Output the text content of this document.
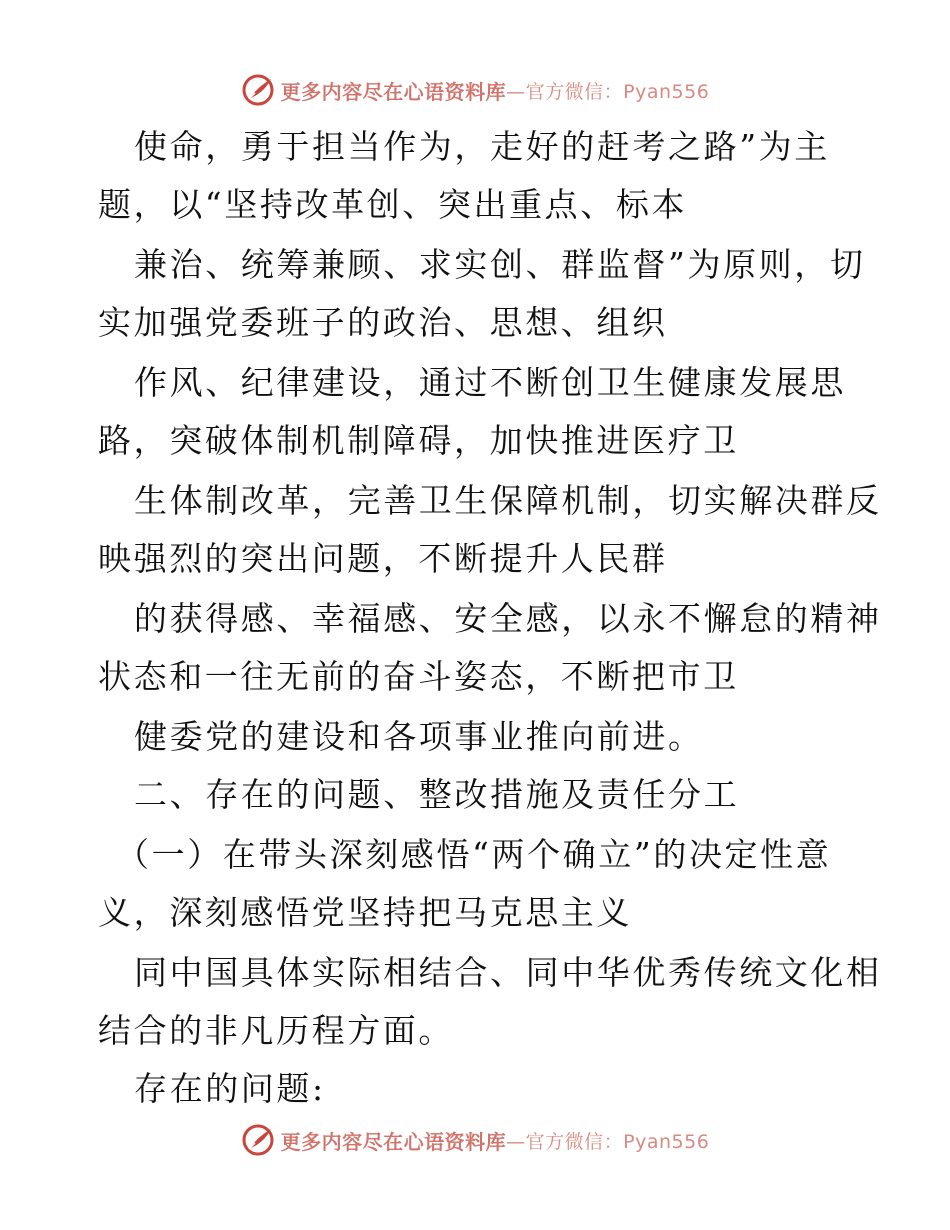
更多内容尽在心语资料库 —官方微信：Pyan556
使命，勇于担当作为，走好的赶考之路”为主
题，以“坚持改革创、突出重点、标本
兼治、统筹兼顾、求实创、群监督”为原则，切
实加强党委班子的政治、思想、组织
作风、纪律建设，通过不断创卫生健康发展思
路，突破体制机制障碍，加快推进医疗卫
生体制改革，完善卫生保障机制，切实解决群反
映强烈的突出问题，不断提升人民群
的获得感、幸福感、安全感，以永不懈怠的精神
状态和一往无前的奋斗姿态，不断把市卫
健委党的建设和各项事业推向前进。
二、存在的问题、整改措施及责任分工
（一）在带头深刻感悟“两个确立”的决定性意
义，深刻感悟党坚持把马克思主义
同中国具体实际相结合、同中华优秀传统文化相
结合的非凡历程方面。
存在的问题:
更多内容尽在心语资料库 —官方微信：Pyan556
